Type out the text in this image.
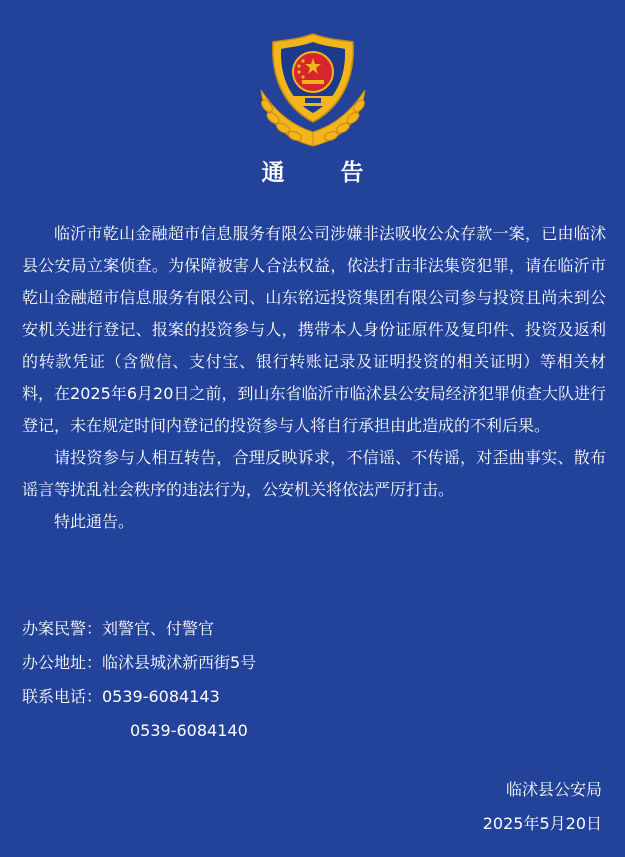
通 告

临沂市乾山金融超市信息服务有限公司涉嫌非法吸收公众存款一案，已由临沭县公安局立案侦查。为保障被害人合法权益，依法打击非法集资犯罪，请在临沂市乾山金融超市信息服务有限公司、山东铭远投资集团有限公司参与投资且尚未到公安机关进行登记、报案的投资参与人，携带本人身份证原件及复印件、投资及返利的转款凭证（含微信、支付宝、银行转账记录及证明投资的相关证明）等相关材料，在2025年6月20日之前，到山东省临沂市临沭县公安局经济犯罪侦查大队进行登记，未在规定时间内登记的投资参与人将自行承担由此造成的不利后果。

请投资参与人相互转告，合理反映诉求，不信谣、不传谣，对歪曲事实、散布谣言等扰乱社会秩序的违法行为，公安机关将依法严厉打击。

特此通告。

办案民警：刘警官、付警官
办公地址：临沭县城沭新西街5号
联系电话：0539-6084143
0539-6084140
临沭县公安局
2025年5月20日
